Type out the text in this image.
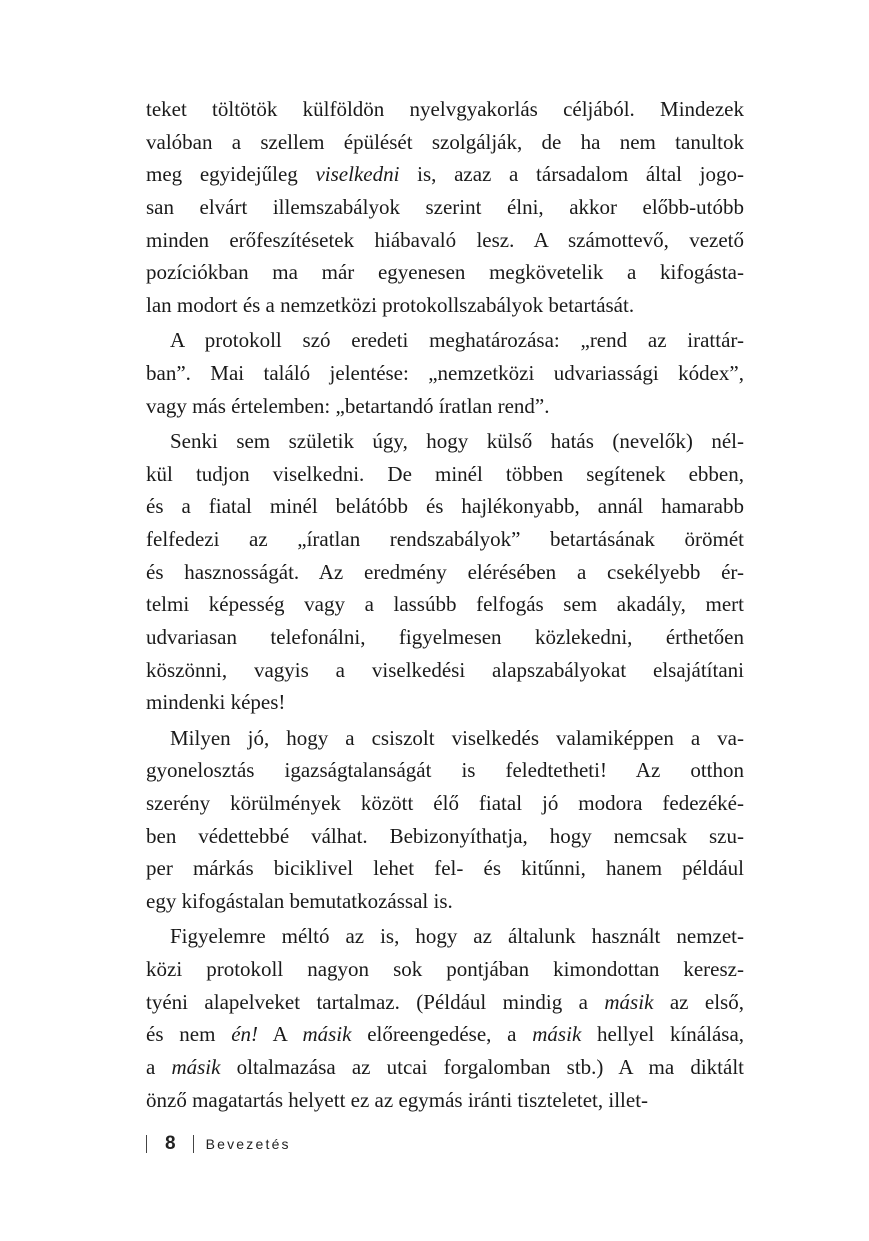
teket töltötök külföldön nyelvgyakorlás céljából. Mindezek
valóban a szellem épülését szolgálják, de ha nem tanultok
meg egyidejűleg viselkedni is, azaz a társadalom által jogo-
san elvárt illemszabályok szerint élni, akkor előbb-utóbb
minden erőfeszítésetek hiábavaló lesz. A számottevő, vezető
pozíciókban ma már egyenesen megkövetelik a kifogásta-
lan modort és a nemzetközi protokollszabályok betartását.
A protokoll szó eredeti meghatározása: „rend az irattár-
ban”. Mai találó jelentése: „nemzetközi udvariassági kódex”,
vagy más értelemben: „betartandó íratlan rend”.
Senki sem születik úgy, hogy külső hatás (nevelők) nél-
kül tudjon viselkedni. De minél többen segítenek ebben,
és a fiatal minél belátóbb és hajlékonyabb, annál hamarabb
felfedezi az „íratlan rendszabályok” betartásának örömét
és hasznosságát. Az eredmény elérésében a csekélyebb ér-
telmi képesség vagy a lassúbb felfogás sem akadály, mert
udvariasan telefonálni, figyelmesen közlekedni, érthetően
köszönni, vagyis a viselkedési alapszabályokat elsajátítani
mindenki képes!
Milyen jó, hogy a csiszolt viselkedés valamiképpen a va-
gyonelosztás igazságtalanságát is feledtetheti! Az otthon
szerény körülmények között élő fiatal jó modora fedezéké-
ben védettebbé válhat. Bebizonyíthatja, hogy nemcsak szu-
per márkás biciklivel lehet fel- és kitűnni, hanem például
egy kifogástalan bemutatkozással is.
Figyelemre méltó az is, hogy az általunk használt nemzet-
közi protokoll nagyon sok pontjában kimondottan keresz-
tyéni alapelveket tartalmaz. (Például mindig a másik az első,
és nem én! A másik előreengedése, a másik hellyel kínálása,
a másik oltalmazása az utcai forgalomban stb.) A ma diktált
önző magatartás helyett ez az egymás iránti tiszteletet, illet-
8 Bevezetés
